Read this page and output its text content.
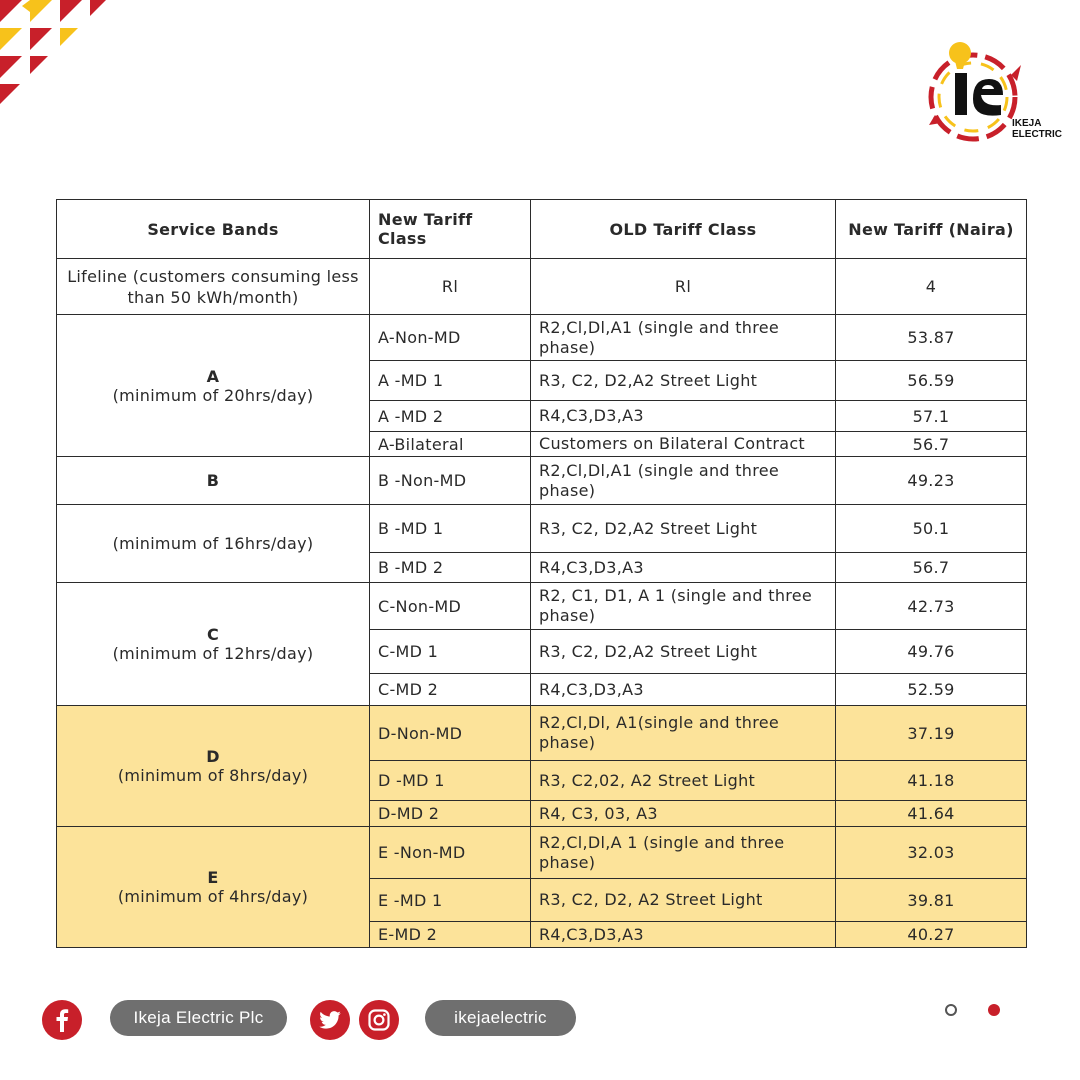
IKEJA
ELECTRIC
Service Bands	New Tariff Class	OLD Tariff Class	New Tariff (Naira)
Lifeline (customers consuming less than 50 kWh/month)	Rl	Rl	4

A
(minimum of 20hrs/day)	A-Non-MD	R2,Cl,Dl,A1 (single and three phase)	53.87
	A -MD 1	R3, C2, D2,A2 Street Light	56.59
	A -MD 2	R4,C3,D3,A3	57.1
	A-Bilateral	Customers on Bilateral Contract	56.7

B	B -Non-MD	R2,Cl,Dl,A1 (single and three phase)	49.23
(minimum of 16hrs/day)	B -MD 1	R3, C2, D2,A2 Street Light	50.1
	B -MD 2	R4,C3,D3,A3	56.7

C
(minimum of 12hrs/day)	C-Non-MD	R2, C1, D1, A 1 (single and three phase)	42.73
	C-MD 1	R3, C2, D2,A2 Street Light	49.76
	C-MD 2	R4,C3,D3,A3	52.59

D
(minimum of 8hrs/day)	D-Non-MD	R2,Cl,Dl, A1(single and three phase)	37.19
	D -MD 1	R3, C2,02, A2 Street Light	41.18
	D-MD 2	R4, C3, 03, A3	41.64

E
(minimum of 4hrs/day)	E -Non-MD	R2,Cl,Dl,A 1 (single and three phase)	32.03
	E -MD 1	R3, C2, D2, A2 Street Light	39.81
	E-MD 2	R4,C3,D3,A3	40.27
Ikeja Electric Plc	ikejaelectric
